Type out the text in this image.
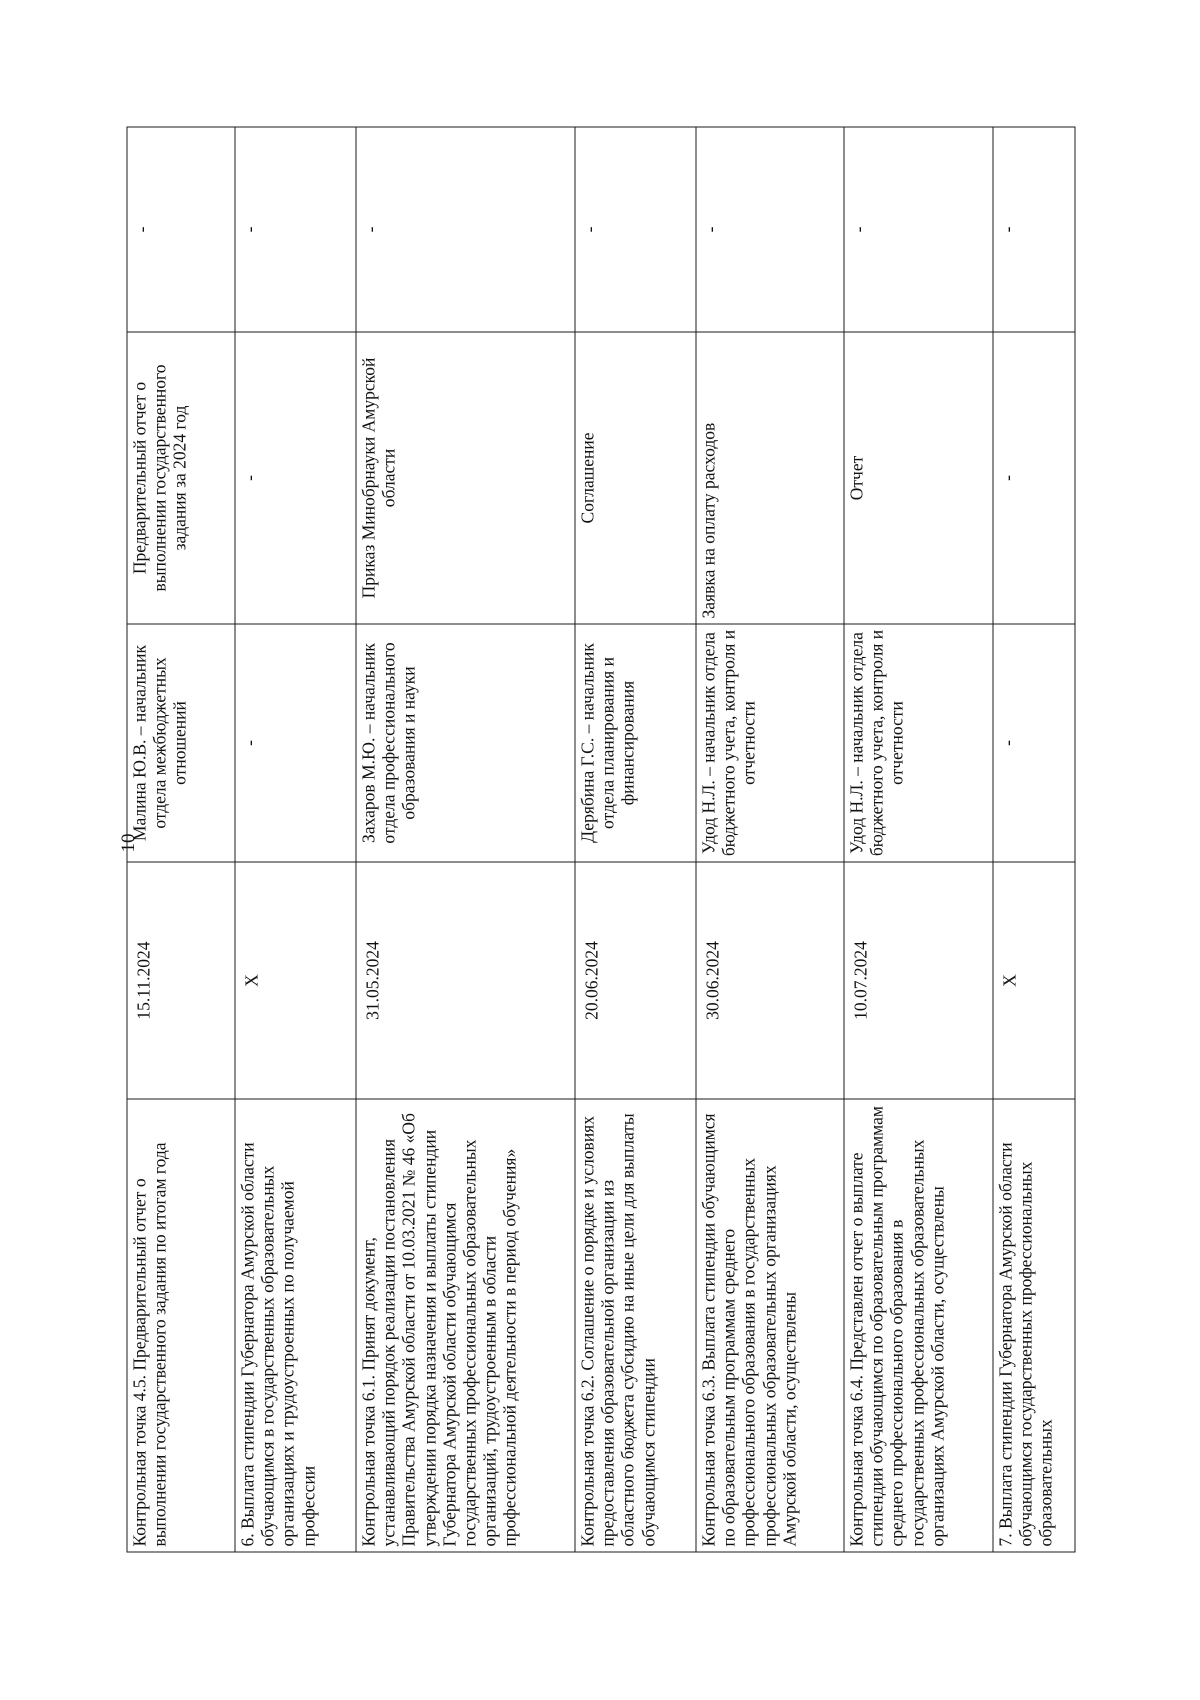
10
Контрольная точка 4.5. Предварительный отчет о выполнении государственного задания по итогам года	15.11.2024	Малина Ю.В. – начальник отдела межбюджетных отношений	Предварительный отчет о выполнении государственного задания за 2024 год	-
6. Выплата стипендии Губернатора Амурской области обучающимся в государственных образовательных организациях и трудоустроенных по получаемой профессии	Х	-	-	-
Контрольная точка 6.1. Принят документ, устанавливающий порядок реализации постановления Правительства Амурской области от 10.03.2021 № 46 «Об утверждении порядка назначения и выплаты стипендии Губернатора Амурской области обучающимся государственных профессиональных образовательных организаций, трудоустроенным в области профессиональной деятельности в период обучения»	31.05.2024	Захаров М.Ю. – начальник отдела профессионального образования и науки	Приказ Минобрнауки Амурской области	-
Контрольная точка 6.2. Соглашение о порядке и условиях предоставления образовательной организации из областного бюджета субсидию на иные цели для выплаты обучающимся стипендии	20.06.2024	Дерябина Г.С. – начальник отдела планирования и финансирования	Соглашение	-
Контрольная точка 6.3. Выплата стипендии обучающимся по образовательным программам среднего профессионального образования в государственных профессиональных образовательных организациях Амурской области, осуществлены	30.06.2024	Удод Н.Л. – начальник отдела бюджетного учета, контроля и отчетности	Заявка на оплату расходов	-
Контрольная точка 6.4. Представлен отчет о выплате стипендии обучающимся по образовательным программам среднего профессионального образования в государственных профессиональных образовательных организациях Амурской области, осуществлены	10.07.2024	Удод Н.Л. – начальник отдела бюджетного учета, контроля и отчетности	Отчет	-
7. Выплата стипендии Губернатора Амурской области обучающимся государственных профессиональных образовательных	Х	-	-	-
